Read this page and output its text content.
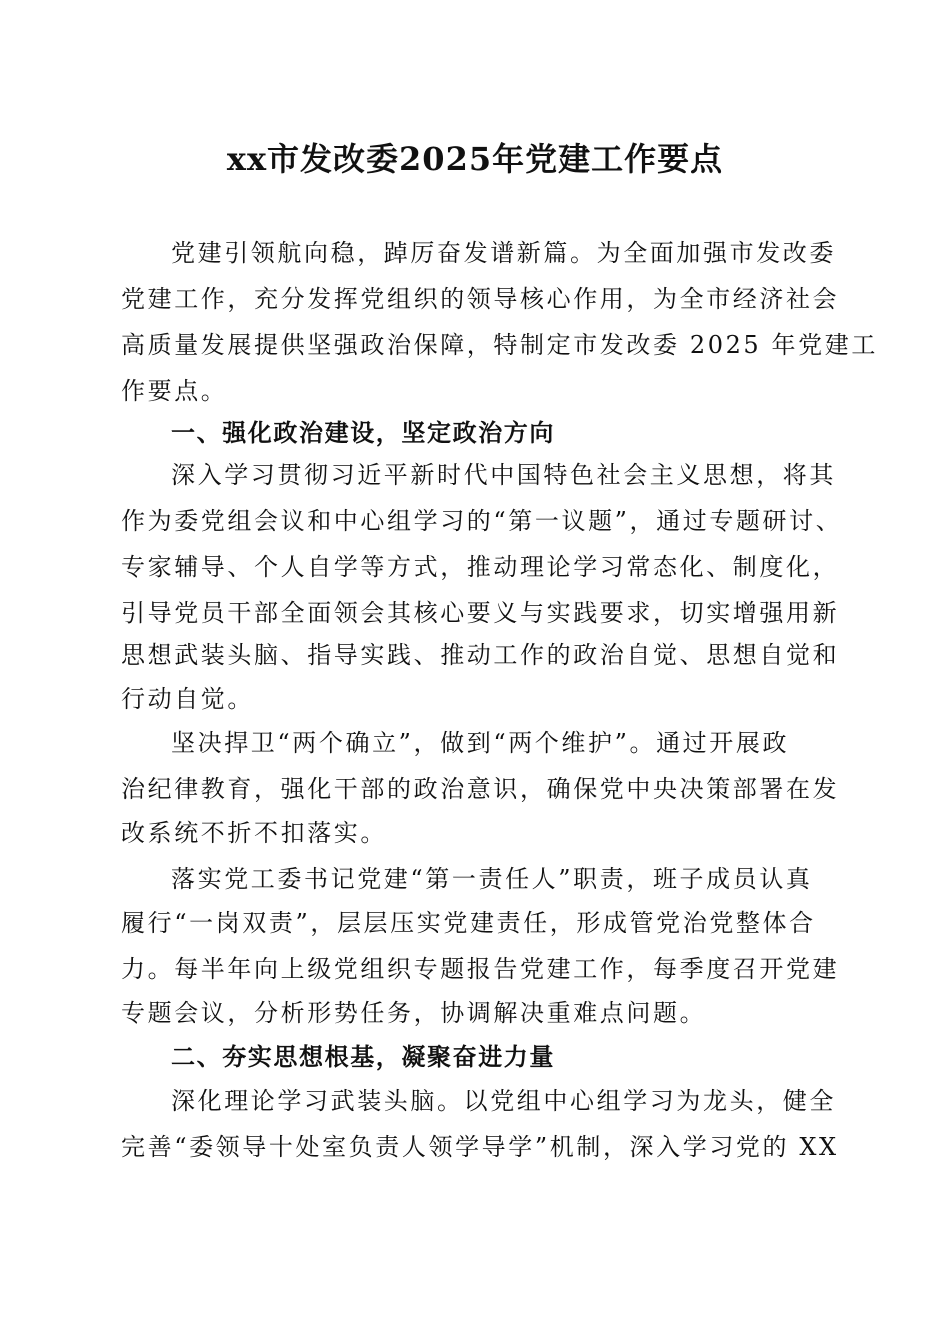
xx市发改委2025年党建工作要点
党建引领航向稳，踔厉奋发谱新篇。为全面加强市发改委
党建工作，充分发挥党组织的领导核心作用，为全市经济社会
高质量发展提供坚强政治保障，特制定市发改委 2025 年党建工
作要点。
一、强化政治建设，坚定政治方向
深入学习贯彻习近平新时代中国特色社会主义思想，将其
作为委党组会议和中心组学习的“第一议题”，通过专题研讨、
专家辅导、个人自学等方式，推动理论学习常态化、制度化，
引导党员干部全面领会其核心要义与实践要求，切实增强用新
思想武装头脑、指导实践、推动工作的政治自觉、思想自觉和
行动自觉。
坚决捍卫“两个确立”，做到“两个维护”。通过开展政
治纪律教育，强化干部的政治意识，确保党中央决策部署在发
改系统不折不扣落实。
落实党工委书记党建“第一责任人”职责，班子成员认真
履行“一岗双责”，层层压实党建责任，形成管党治党整体合
力。每半年向上级党组织专题报告党建工作，每季度召开党建
专题会议，分析形势任务，协调解决重难点问题。
二、夯实思想根基，凝聚奋进力量
深化理论学习武装头脑。以党组中心组学习为龙头，健全
完善“委领导十处室负责人领学导学”机制，深入学习党的 XX
